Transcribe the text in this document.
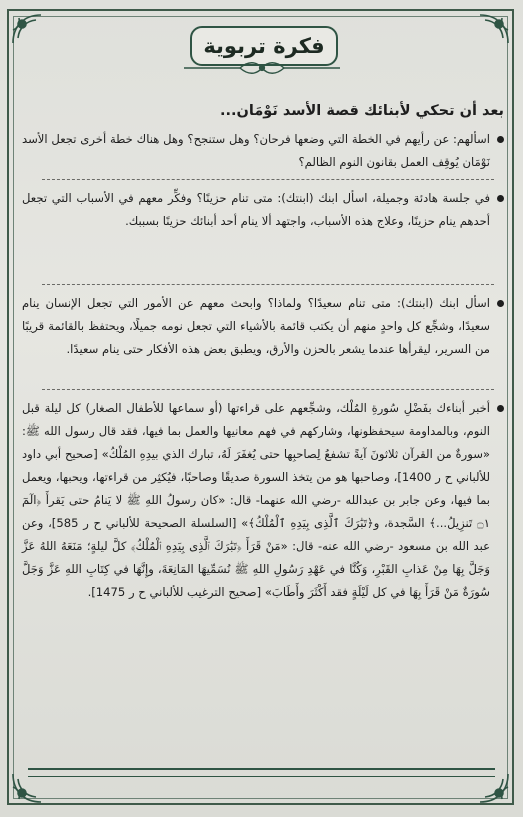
فكرة تربوية

بعد أن تحكي لأبنائك قصة الأسد نَوْمَان...

اسألهم: عن رأيهم في الخطة التي وضعها فرحان؟ وهل ستنجح؟ وهل هناك خطة أخرى تجعل الأسد نَوْمَان يُوقِف العمل بقانون النوم الظالم؟
في جلسة هادئة وجميلة، اسأل ابنك (ابنتك): متى تنام حزينًا؟ وفكِّر معهم في الأسباب التي تجعل أحدهم ينام حزينًا، وعلاج هذه الأسباب، واجتهد ألا ينام أحد أبنائك حزينًا بسببك.
اسأل ابنك (ابنتك): متى تنام سعيدًا؟ ولماذا؟ وابحث معهم عن الأمور التي تجعل الإنسان ينام سعيدًا، وشجِّع كل واحدٍ منهم أن يكتب قائمة بالأشياء التي تجعل نومه جميلًا، ويحتفظ بالقائمة قريبًا من السرير، ليقرأها عندما يشعر بالحزن والأرق، ويطبق بعض هذه الأفكار حتى ينام سعيدًا.
أخبر أبناءك بفَضْلِ سُورةِ المُلْك، وشجِّعهم على قراءتها (أو سماعها للأطفال الصغار) كل ليلة قبل النوم، وبالمداومة سيحفظونها، وشاركهم في فهم معانيها والعمل بما فيها، فقد قال رسول الله ﷺ: «سورةٌ من القرآن ثلاثونَ آيةً تشفعُ لِصاحبِها حتى يُغفَرَ لَهُ، تبارك الذي بيدِهِ المُلْكُ» [صحيح أبي داود للألباني ح ر 1400]، وصاحبها هو من يتخذ السورة صديقًا وصاحبًا، فيُكثِر من قراءتها، ويحبها، ويعمل بما فيها، وعن جابر بن عبدالله -رضي الله عنهما- قال: «كان رسولُ اللهِ ﷺ لا يَنامُ حتى يَقرأَ ﴿الٓمٓ ۝١ تَنزِيلُ...﴾ السَّجدة، و﴿تَبَٰرَكَ ٱلَّذِى بِيَدِهِ ٱلْمُلْكُ﴾» [السلسلة الصحيحة للألباني ح ر 585]، وعن عبد الله بن مسعود -رضي الله عنه- قال: «مَنْ قَرَأَ ﴿تَبَٰرَكَ ٱلَّذِى بِيَدِهِ ٱلْمُلْكُ﴾ كلَّ ليلةٍ؛ مَنَعَهُ اللهُ عَزَّ وَجَلَّ بِهَا مِنْ عَذابِ القَبْرِ، وَكُنَّا في عَهْدِ رَسُولِ اللهِ ﷺ نُسَمِّيهَا المَانِعَةَ، وإِنَّهَا في كِتَابِ اللهِ عَزَّ وَجَلَّ سُورَةٌ مَنْ قَرَأَ بِهَا في كل لَيْلَةٍ فقد أَكْثَرَ وأَطَابَ» [صحيح الترغيب للألباني ح ر 1475].
